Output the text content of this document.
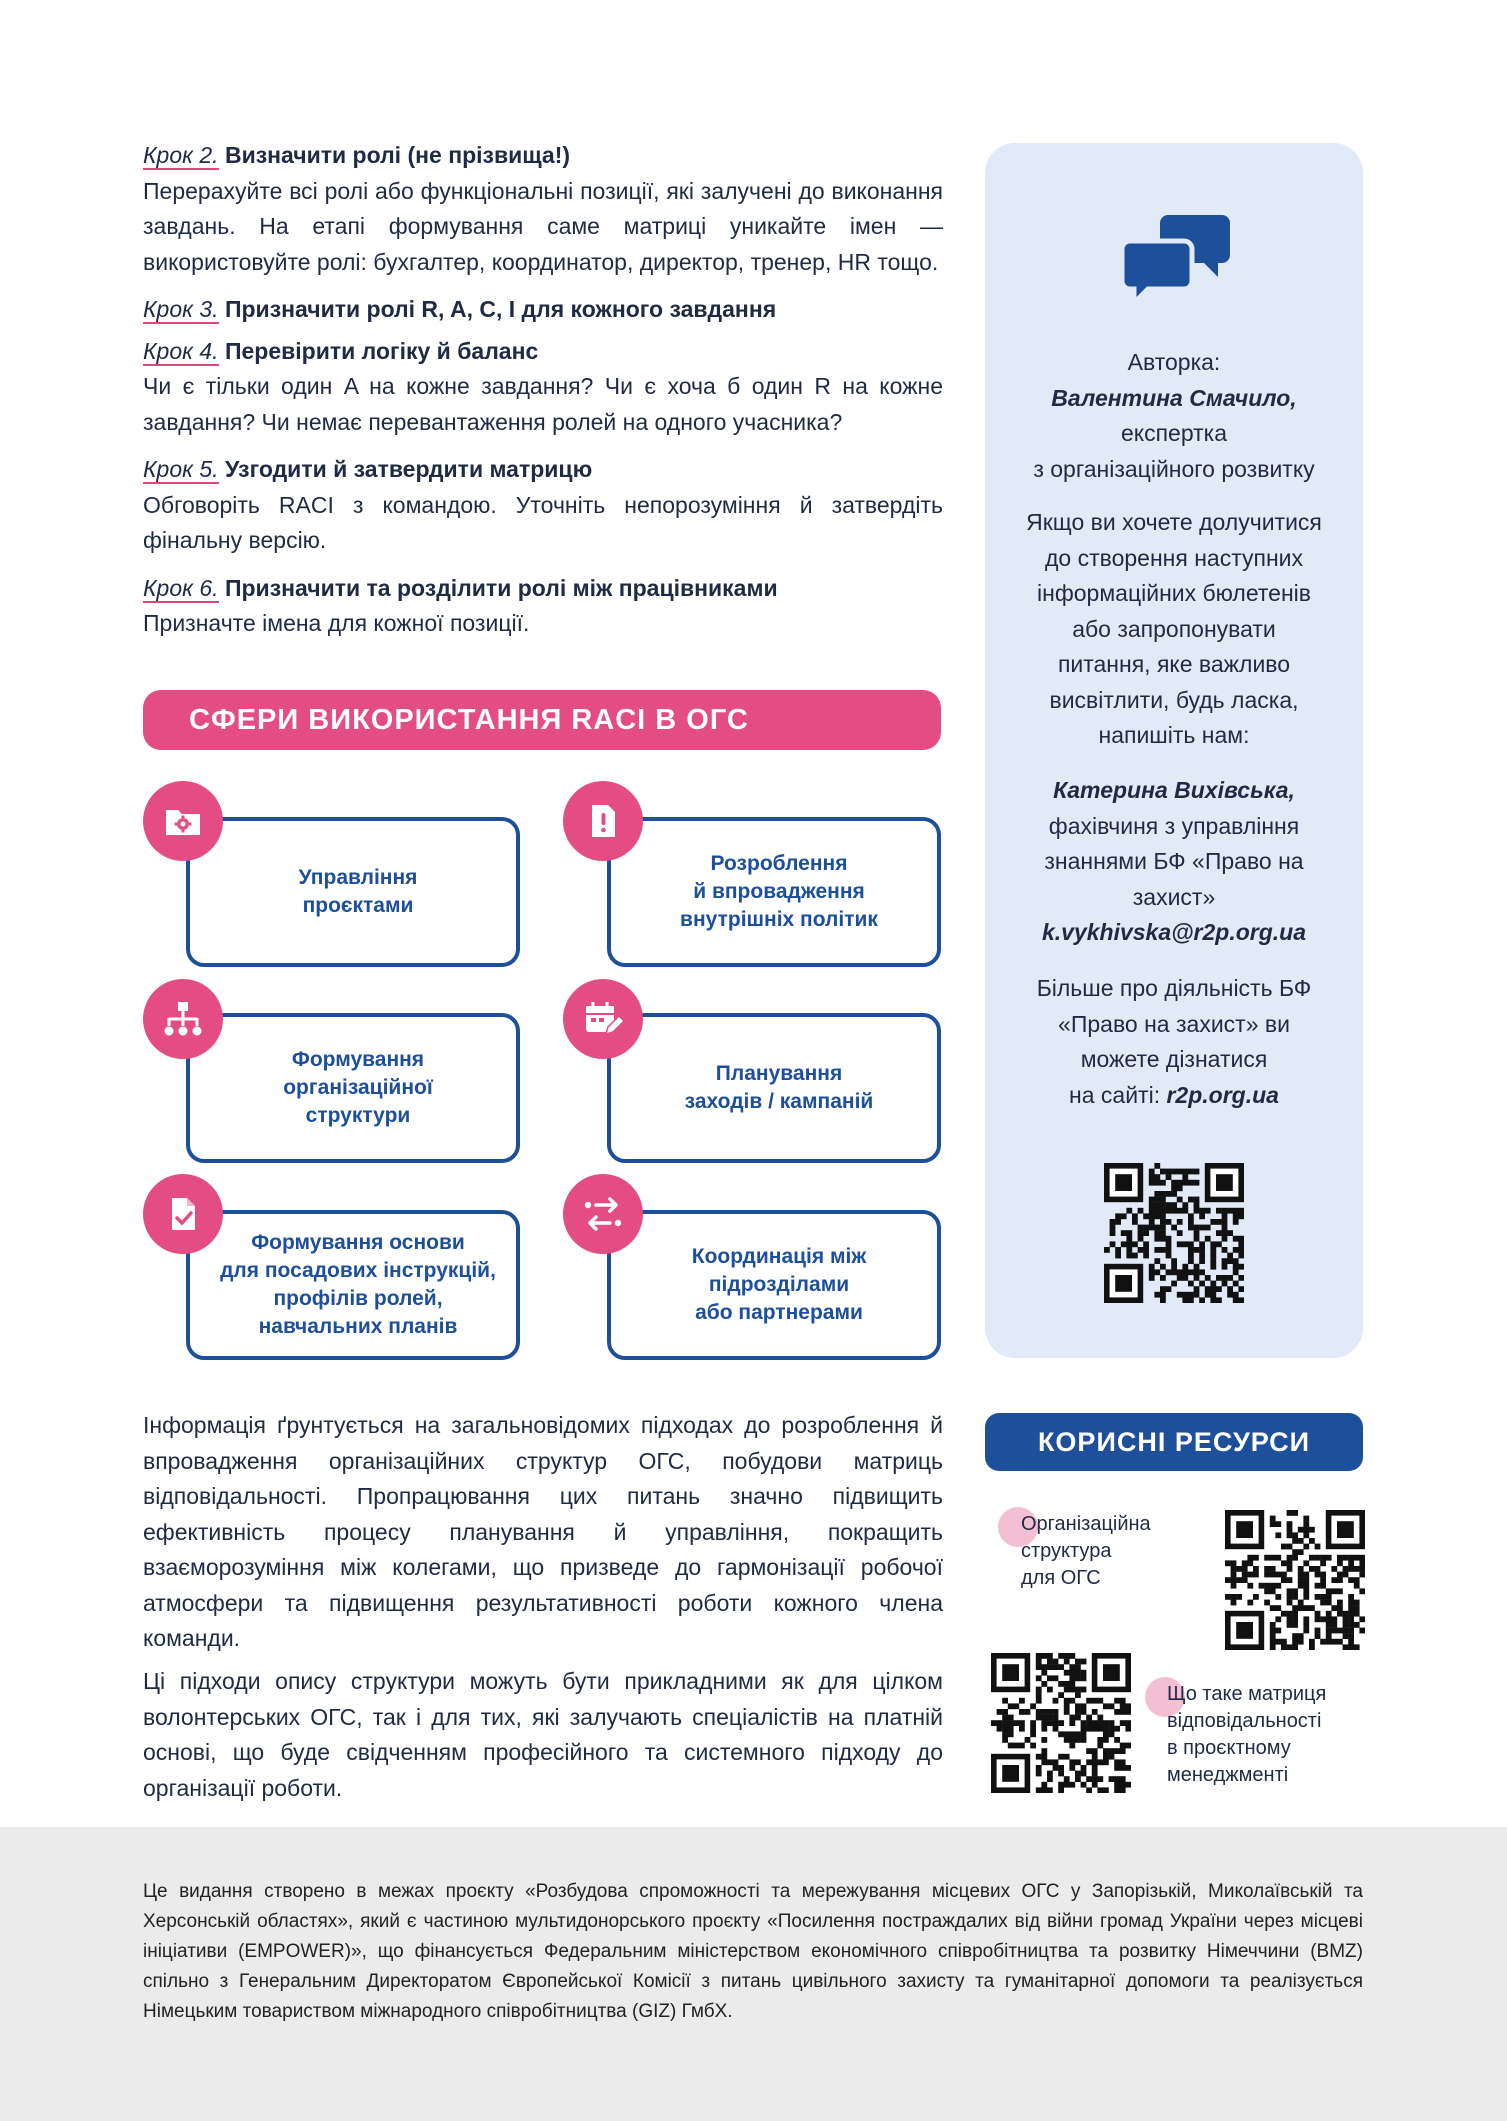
Крок 2. Визначити ролі (не прізвища!)
Перерахуйте всі ролі або функціональні позиції, які залучені до виконання завдань. На етапі формування саме матриці уникайте імен — використовуйте ролі: бухгалтер, координатор, директор, тренер, HR тощо.
Крок 3. Призначити ролі R, A, C, I для кожного завдання
Крок 4. Перевірити логіку й баланс
Чи є тільки один A на кожне завдання? Чи є хоча б один R на кожне завдання? Чи немає перевантаження ролей на одного учасника?
Крок 5. Узгодити й затвердити матрицю
Обговоріть RACI з командою. Уточніть непорозуміння й затвердіть фінальну версію.
Крок 6. Призначити та розділити ролі між працівниками
Призначте імена для кожної позиції.
СФЕРИ ВИКОРИСТАННЯ RACI В ОГС
Управління
проєктами
Розроблення
й впровадження
внутрішніх політик
Формування
організаційної
структури
Планування
заходів / кампаній
Формування основи
для посадових інструкцій,
профілів ролей,
навчальних планів
Координація між
підрозділами
або партнерами
Інформація ґрунтується на загальновідомих підходах до розроблення й впровадження організаційних структур ОГС, побудови матриць відповідальності. Пропрацювання цих питань значно підвищить ефективність процесу планування й управління, покращить взаєморозуміння між колегами, що призведе до гармонізації робочої атмосфери та підвищення результативності роботи кожного члена команди.
Ці підходи опису структури можуть бути прикладними як для цілком волонтерських ОГС, так і для тих, які залучають спеціалістів на платній основі, що буде свідченням професійного та системного підходу до організації роботи.
Авторка:
Валентина Смачило,
експертка
з організаційного розвитку
Якщо ви хочете долучитися до створення наступних інформаційних бюлетенів або запропонувати питання, яке важливо висвітлити, будь ласка, напишіть нам:
Катерина Вихівська,
фахівчиня з управління знаннями БФ «Право на захист»
k.vykhivska@r2p.org.ua
Більше про діяльність БФ «Право на захист» ви можете дізнатися
на сайті: r2p.org.ua
КОРИСНІ РЕСУРСИ
Організаційна
структура
для ОГС
Що таке матриця
відповідальності
в проєктному
менеджменті
Це видання створено в межах проєкту «Розбудова спроможності та мережування місцевих ОГС у Запорізькій, Миколаївській та Херсонській областях», який є частиною мультидонорського проєкту «Посилення постраждалих від війни громад України через місцеві ініціативи (EMPOWER)», що фінансується Федеральним міністерством економічного співробітництва та розвитку Німеччини (BMZ) спільно з Генеральним Директоратом Європейської Комісії з питань цивільного захисту та гуманітарної допомоги та реалізується Німецьким товариством міжнародного співробітництва (GIZ) ГмбХ.
